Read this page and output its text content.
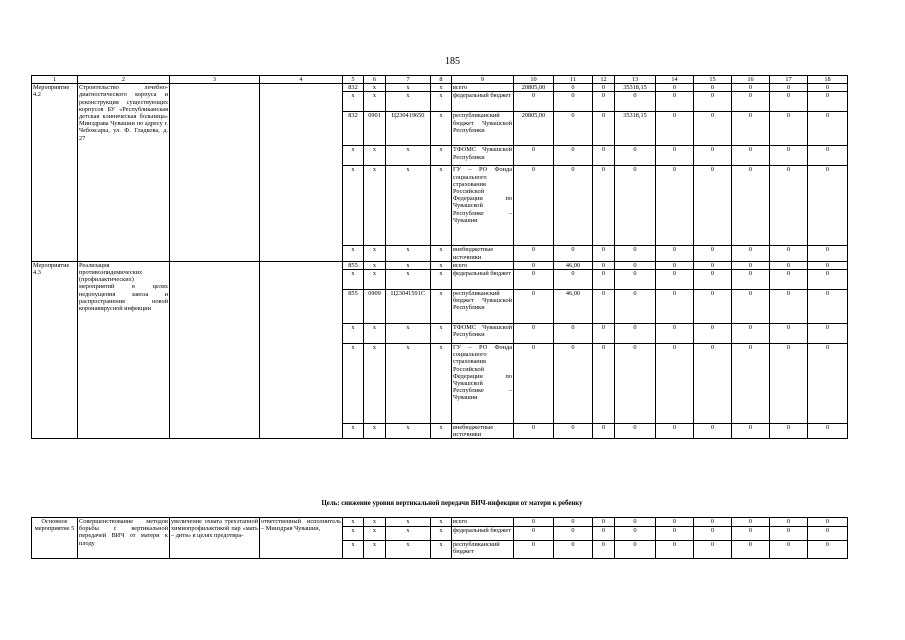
185
1	2	3	4	5	6	7	8	9	10	11	12	13	14	15	16	17	18
Мероприятие 4.2	Строительство лечебно-диагностического корпуса и реконструкция существующих корпусов БУ «Республиканская детская клиническая больница» Минздрава Чувашии по адресу г. Чебоксары, ул. Ф. Гладкова, д. 27			832	x	x	x	всего	20805,00	0	0	35318,15	0	0	0	0	0
				x	x	x	x	федеральный бюджет	0	0	0	0	0	0	0	0	0
				832	0901	Ц230419650	x	республиканский бюджет Чувашской Республики	20805,00	0	0	35318,15	0	0	0	0	0
				x	x	x	x	ТФОМС Чувашской Республики	0	0	0	0	0	0	0	0	0
				x	x	x	x	ГУ – РО Фонда социального страхования Российской Федерации по Чувашской Республике – Чувашии	0	0	0	0	0	0	0	0	0
				x	x	x	x	внебюджетные источники	0	0	0	0	0	0	0	0	0
Мероприятие 4.3	Реализация противоэпидемических (профилактических) мероприятий в целях недопущения завоза и распространения новой коронавирусной инфекции			855	x	x	x	всего	0	46,00	0	0	0	0	0	0	0
				x	x	x	x	федеральный бюджет	0	0	0	0	0	0	0	0	0
				855	0909	Ц23041591С	x	республиканский бюджет Чувашской Республики	0	46,00	0	0	0	0	0	0	0
				x	x	x	x	ТФОМС Чувашской Республики	0	0	0	0	0	0	0	0	0
				x	x	x	x	ГУ – РО Фонда социального страхования Российской Федерации по Чувашской Республике – Чувашии	0	0	0	0	0	0	0	0	0
				x	x	x	x	внебюджетные источники	0	0	0	0	0	0	0	0	0
Цель: снижение уровня вертикальной передачи ВИЧ-инфекции от матери к ребенку
Основное мероприятие 5	Совершенствование методов борьбы с вертикальной передачей ВИЧ от матери к плоду	увеличение охвата трехэтапной химиопрофилактикой пар «мать – дитя» в целях предотвра-	ответственный исполнитель – Минздрав Чувашии,	x	x	x	x	всего	0	0	0	0	0	0	0	0	0
				x	x	x	x	федеральный бюджет	0	0	0	0	0	0	0	0	0
				x	x	x	x	республиканский бюджет	0	0	0	0	0	0	0	0	0
